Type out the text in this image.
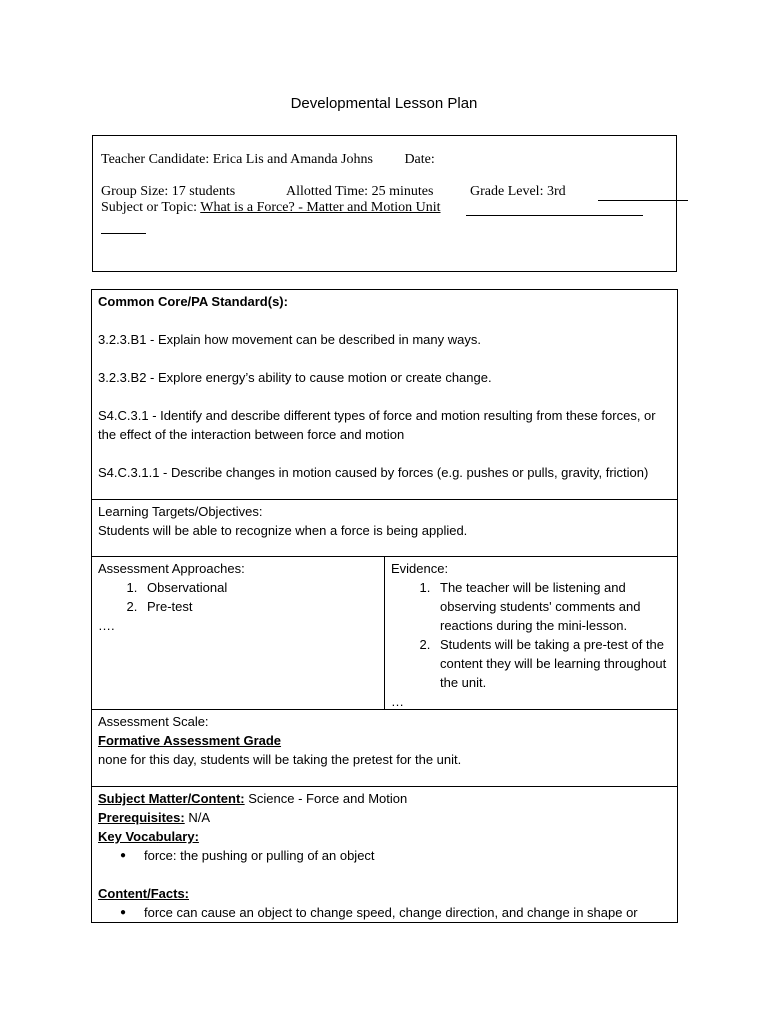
Developmental Lesson Plan
Teacher Candidate: Erica Lis and Amanda Johns Date:
Group Size: 17 students	Allotted Time: 25 minutes	Grade Level: 3rd
Subject or Topic: What is a Force? - Matter and Motion Unit
Common Core/PA Standard(s):
3.2.3.B1 - Explain how movement can be described in many ways.
3.2.3.B2 - Explore energy’s ability to cause motion or create change.
S4.C.3.1 - Identify and describe different types of force and motion resulting from these forces, or the effect of the interaction between force and motion
S4.C.3.1.1 - Describe changes in motion caused by forces (e.g. pushes or pulls, gravity, friction)
Learning Targets/Objectives:
Students will be able to recognize when a force is being applied.
Assessment Approaches:
1. Observational
2. Pre-test
….
Evidence:
1. The teacher will be listening and observing students' comments and reactions during the mini-lesson.
2. Students will be taking a pre-test of the content they will be learning throughout the unit.
…
Assessment Scale:
Formative Assessment Grade
none for this day, students will be taking the pretest for the unit.
Subject Matter/Content: Science - Force and Motion
Prerequisites: N/A
Key Vocabulary:
● force: the pushing or pulling of an object
Content/Facts:
● force can cause an object to change speed, change direction, and change in shape or
